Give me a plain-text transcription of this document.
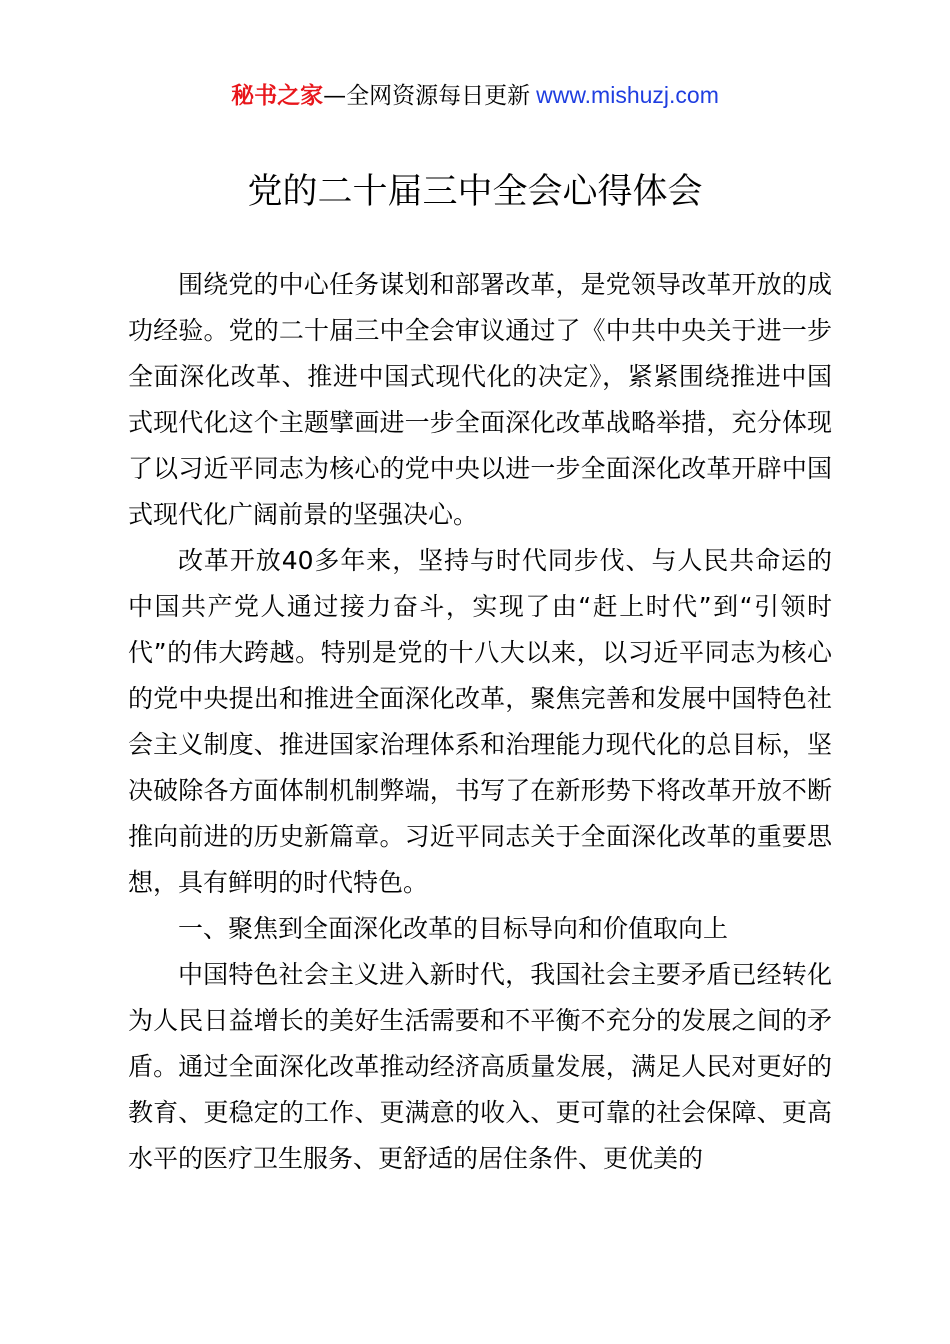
秘书之家—全网资源每日更新 www.mishuzj.com
党的二十届三中全会心得体会

围绕党的中心任务谋划和部署改革，是党领导改革开放的成功经验。党的二十届三中全会审议通过了《中共中央关于进一步全面深化改革、推进中国式现代化的决定》，紧紧围绕推进中国式现代化这个主题擘画进一步全面深化改革战略举措，充分体现了以习近平同志为核心的党中央以进一步全面深化改革开辟中国式现代化广阔前景的坚强决心。

改革开放40多年来，坚持与时代同步伐、与人民共命运的中国共产党人通过接力奋斗，实现了由“赶上时代”到“引领时代”的伟大跨越。特别是党的十八大以来，以习近平同志为核心的党中央提出和推进全面深化改革，聚焦完善和发展中国特色社会主义制度、推进国家治理体系和治理能力现代化的总目标，坚决破除各方面体制机制弊端，书写了在新形势下将改革开放不断推向前进的历史新篇章。习近平同志关于全面深化改革的重要思想，具有鲜明的时代特色。

一、聚焦到全面深化改革的目标导向和价值取向上

中国特色社会主义进入新时代，我国社会主要矛盾已经转化为人民日益增长的美好生活需要和不平衡不充分的发展之间的矛盾。通过全面深化改革推动经济高质量发展，满足人民对更好的教育、更稳定的工作、更满意的收入、更可靠的社会保障、更高水平的医疗卫生服务、更舒适的居住条件、更优美的
